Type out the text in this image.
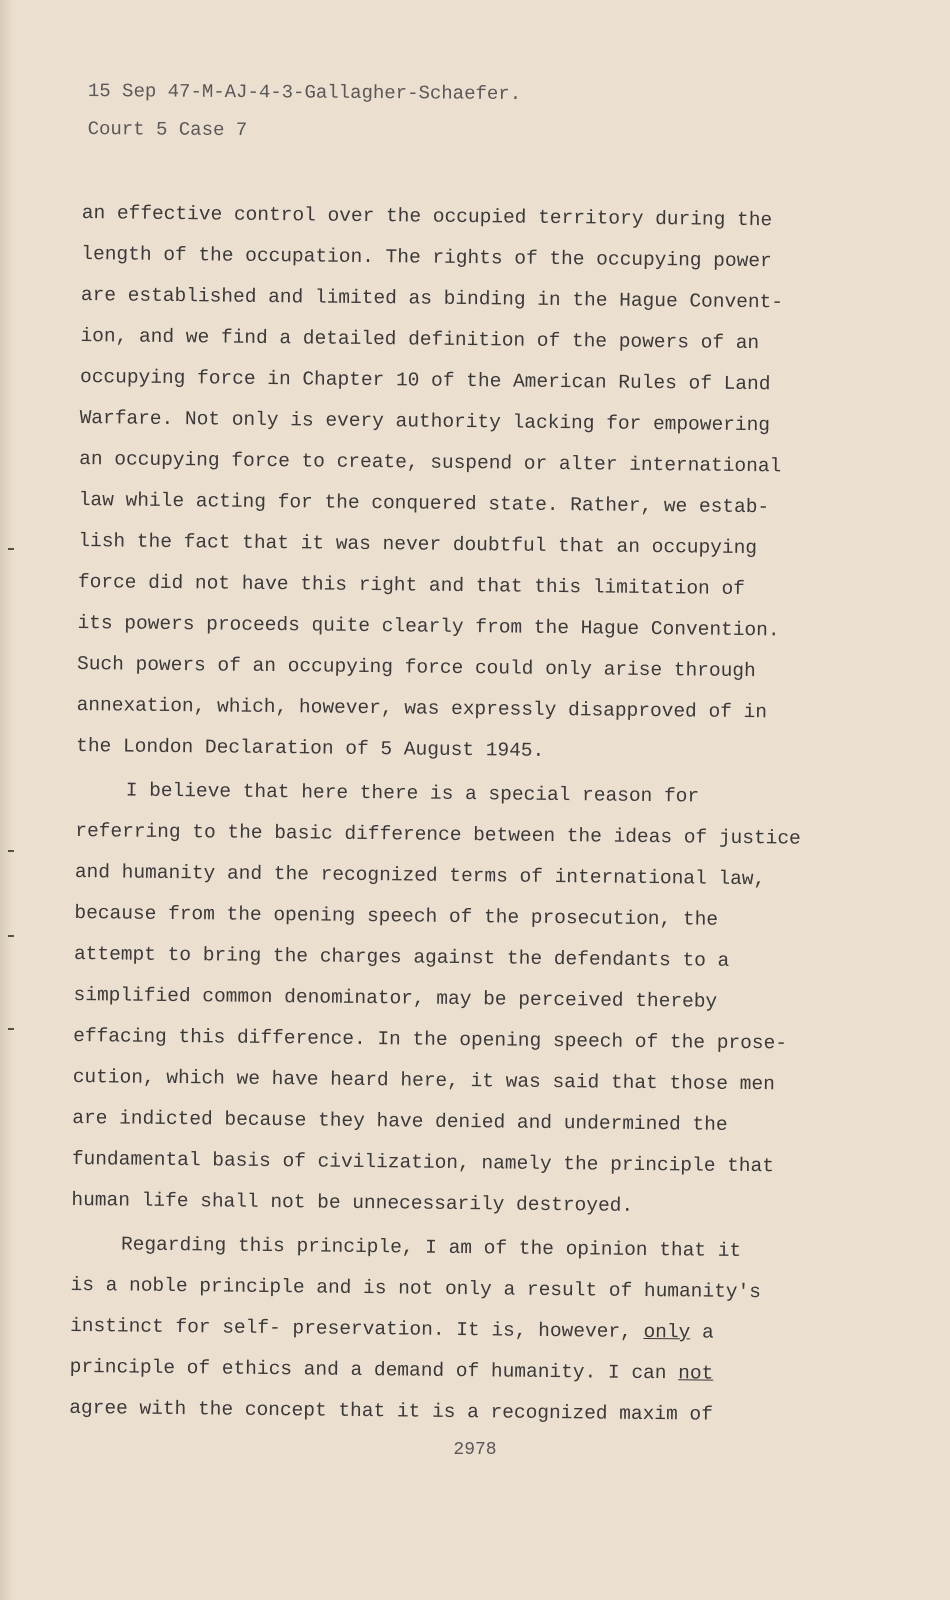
15 Sep 47-M-AJ-4-3-Gallagher-Schaefer.
Court 5 Case 7
an effective control over the occupied territory during the
length of the occupation. The rights of the occupying power
are established and limited as binding in the Hague Convent-
ion, and we find a detailed definition of the powers of an
occupying force in Chapter 10 of the American Rules of Land
Warfare. Not only is every authority lacking for empowering
an occupying force to create, suspend or alter international
law while acting for the conquered state. Rather, we estab-
lish the fact that it was never doubtful that an occupying
force did not have this right and that this limitation of
its powers proceeds quite clearly from the Hague Convention.
Such powers of an occupying force could only arise through
annexation, which, however, was expressly disapproved of in
the London Declaration of 5 August 1945.
I believe that here there is a special reason for
referring to the basic difference between the ideas of justice
and humanity and the recognized terms of international law,
because from the opening speech of the prosecution, the
attempt to bring the charges against the defendants to a
simplified common denominator, may be perceived thereby
effacing this difference. In the opening speech of the prose-
cution, which we have heard here, it was said that those men
are indicted because they have denied and undermined the
fundamental basis of civilization, namely the principle that
human life shall not be unnecessarily destroyed.
Regarding this principle, I am of the opinion that it
is a noble principle and is not only a result of humanity's
instinct for self- preservation. It is, however, only a
principle of ethics and a demand of humanity. I can not
agree with the concept that it is a recognized maxim of
2978
